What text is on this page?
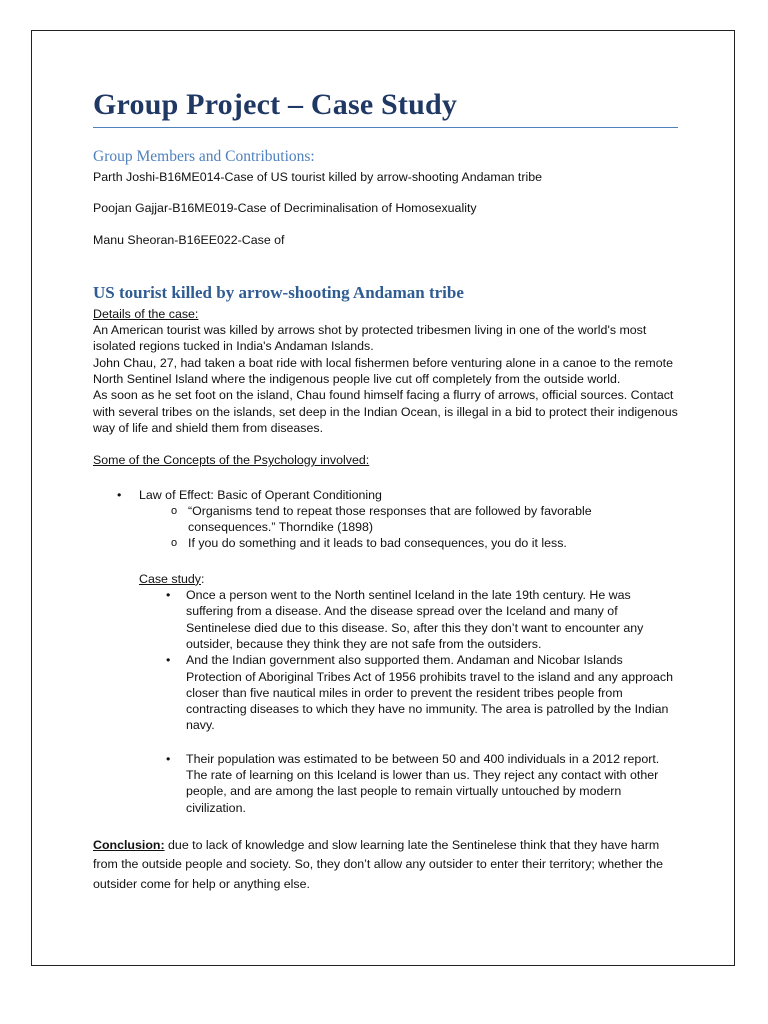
Group Project – Case Study
Group Members and Contributions:

Parth Joshi-B16ME014-Case of US tourist killed by arrow-shooting Andaman tribe

Poojan Gajjar-B16ME019-Case of Decriminalisation of Homosexuality

Manu Sheoran-B16EE022-Case of

US tourist killed by arrow-shooting Andaman tribe

Details of the case:

An American tourist was killed by arrows shot by protected tribesmen living in one of the world's most isolated regions tucked in India's Andaman Islands.

John Chau, 27, had taken a boat ride with local fishermen before venturing alone in a canoe to the remote North Sentinel Island where the indigenous people live cut off completely from the outside world.

As soon as he set foot on the island, Chau found himself facing a flurry of arrows, official sources. Contact with several tribes on the islands, set deep in the Indian Ocean, is illegal in a bid to protect their indigenous way of life and shield them from diseases.

Some of the Concepts of the Psychology involved:

• Law of Effect: Basic of Operant Conditioning
o “Organisms tend to repeat those responses that are followed by favorable consequences.” Thorndike (1898)
o If you do something and it leads to bad consequences, you do it less.

Case study:

• Once a person went to the North sentinel Iceland in the late 19th century. He was suffering from a disease. And the disease spread over the Iceland and many of Sentinelese died due to this disease. So, after this they don’t want to encounter any outsider, because they think they are not safe from the outsiders.
• And the Indian government also supported them. Andaman and Nicobar Islands Protection of Aboriginal Tribes Act of 1956 prohibits travel to the island and any approach closer than five nautical miles in order to prevent the resident tribes people from contracting diseases to which they have no immunity. The area is patrolled by the Indian navy.
• Their population was estimated to be between 50 and 400 individuals in a 2012 report. The rate of learning on this Iceland is lower than us. They reject any contact with other people, and are among the last people to remain virtually untouched by modern civilization.

Conclusion: due to lack of knowledge and slow learning late the Sentinelese think that they have harm from the outside people and society. So, they don’t allow any outsider to enter their territory; whether the outsider come for help or anything else.
